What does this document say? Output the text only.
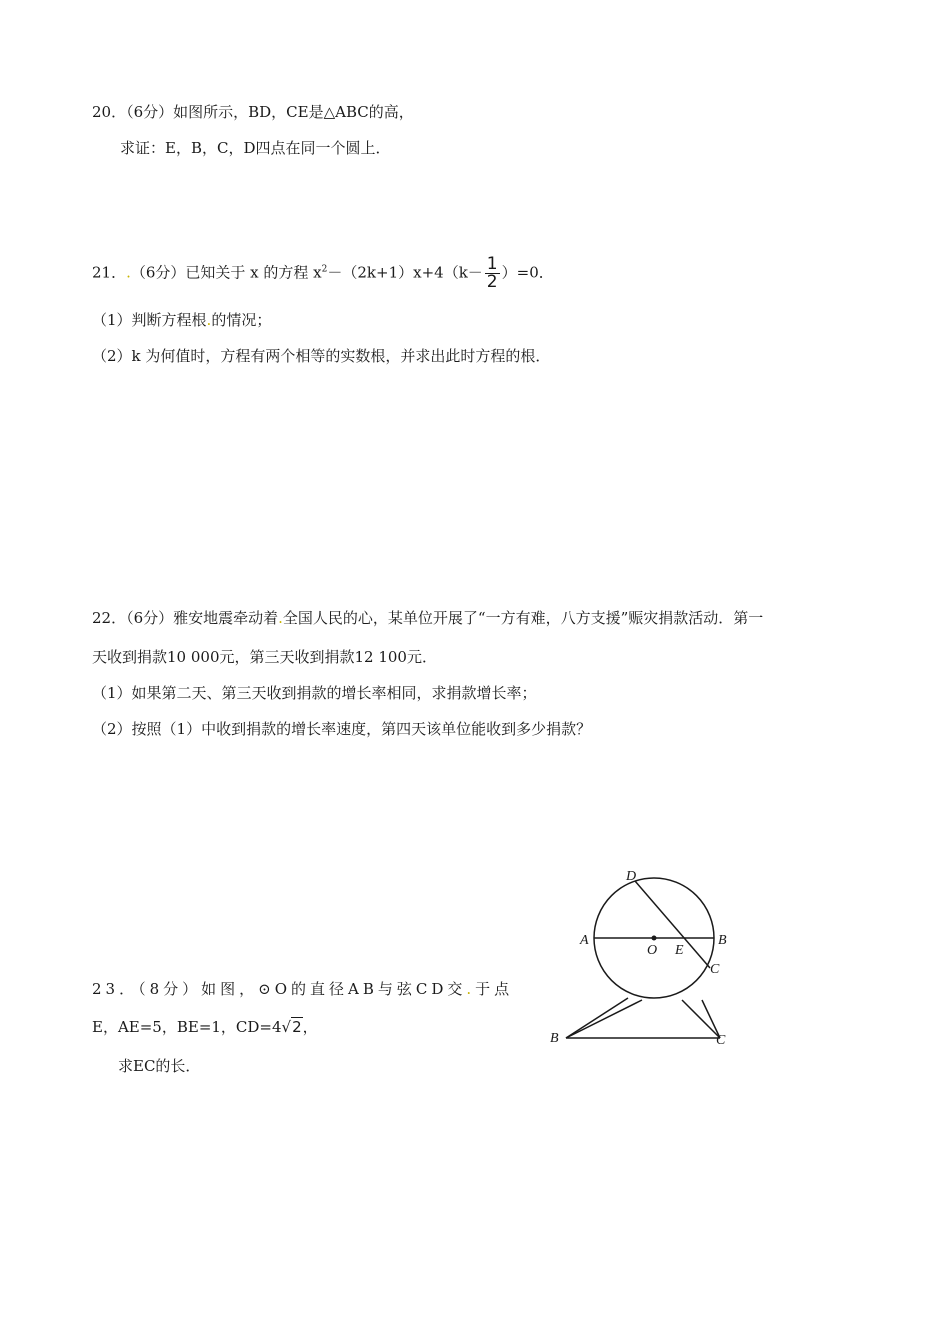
20．（6分）如图所示，BD，CE是△ABC的高，
求证：E，B，C，D四点在同一个圆上．
21．.（6分）已知关于 x 的方程 $x^2-(2k+1)x+4(k- \frac{1}{2} )=0$．
（1）判断方程根.的情况；
（2）k 为何值时，方程有两个相等的实数根，并求出此时方程的根．
22．（6分）雅安地震牵动着.全国人民的心，某单位开展了“一方有难，八方支援”赈灾捐款活动．第一
天收到捐款10 000元，第三天收到捐款12 100元．
（1）如果第二天、第三天收到捐款的增长率相同，求捐款增长率；
（2）按照（1）中收到捐款的增长率速度，第四天该单位能收到多少捐款？
23．（8分）如图，⊙O的直径AB与弦CD交.于点
E，AE=5，BE=1，CD=4√2，
求EC的长．
D
A
O E
B
C
B	C
